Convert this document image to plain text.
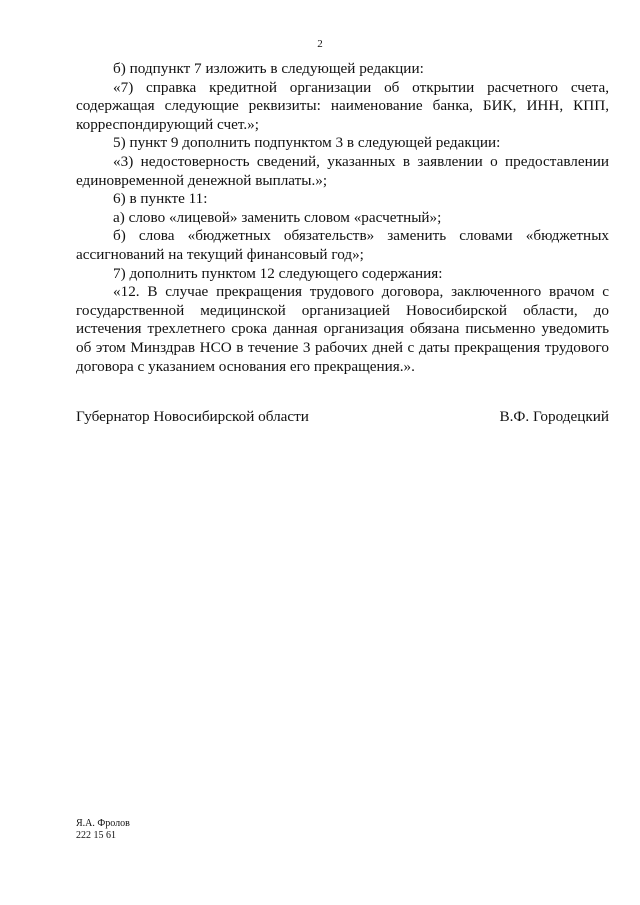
2

б) подпункт 7 изложить в следующей редакции:

«7) справка кредитной организации об открытии расчетного счета, содержащая следующие реквизиты: наименование банка, БИК, ИНН, КПП, корреспондирующий счет.»;

5) пункт 9 дополнить подпунктом 3 в следующей редакции:

«3) недостоверность сведений, указанных в заявлении о предоставлении единовременной денежной выплаты.»;

6) в пункте 11:

а) слово «лицевой» заменить словом «расчетный»;

б) слова «бюджетных обязательств» заменить словами «бюджетных ассигнований на текущий финансовый год»;

7) дополнить пунктом 12 следующего содержания:

«12. В случае прекращения трудового договора, заключенного врачом с государственной медицинской организацией Новосибирской области, до истечения трехлетнего срока данная организация обязана письменно уведомить об этом Минздрав НСО в течение 3 рабочих дней с даты прекращения трудового договора с указанием основания его прекращения.».

Губернатор Новосибирской области	В.Ф. Городецкий
Я.А. Фролов
222 15 61
